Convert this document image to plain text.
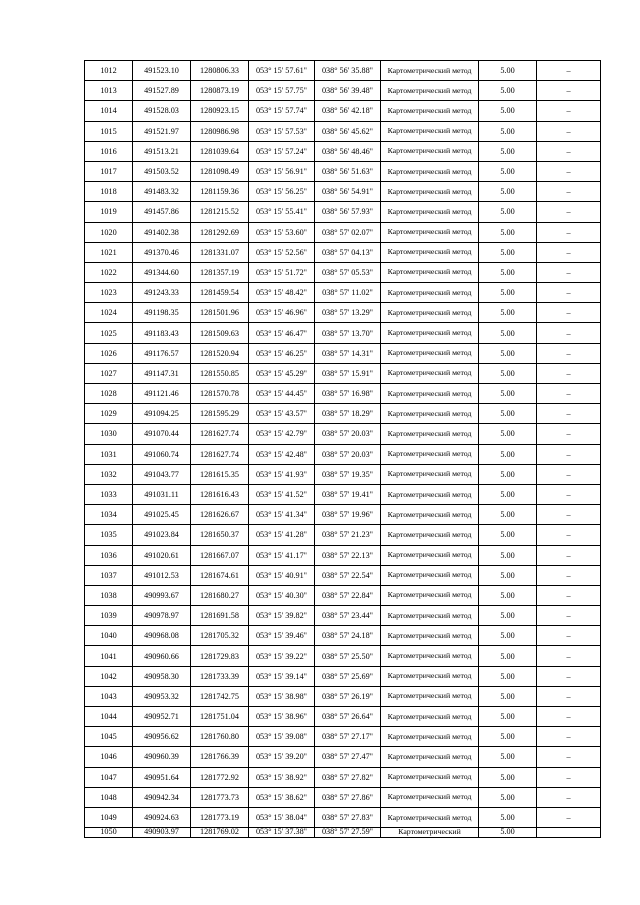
1012	491523.10	1280806.33	053° 15' 57.61"	038° 56' 35.88"	Картометрический метод	5.00	–
1013	491527.89	1280873.19	053° 15' 57.75"	038° 56' 39.48"	Картометрический метод	5.00	–
1014	491528.03	1280923.15	053° 15' 57.74"	038° 56' 42.18"	Картометрический метод	5.00	–
1015	491521.97	1280986.98	053° 15' 57.53"	038° 56' 45.62"	Картометрический метод	5.00	–
1016	491513.21	1281039.64	053° 15' 57.24"	038° 56' 48.46"	Картометрический метод	5.00	–
1017	491503.52	1281098.49	053° 15' 56.91"	038° 56' 51.63"	Картометрический метод	5.00	–
1018	491483.32	1281159.36	053° 15' 56.25"	038° 56' 54.91"	Картометрический метод	5.00	–
1019	491457.86	1281215.52	053° 15' 55.41"	038° 56' 57.93"	Картометрический метод	5.00	–
1020	491402.38	1281292.69	053° 15' 53.60"	038° 57' 02.07"	Картометрический метод	5.00	–
1021	491370.46	1281331.07	053° 15' 52.56"	038° 57' 04.13"	Картометрический метод	5.00	–
1022	491344.60	1281357.19	053° 15' 51.72"	038° 57' 05.53"	Картометрический метод	5.00	–
1023	491243.33	1281459.54	053° 15' 48.42"	038° 57' 11.02"	Картометрический метод	5.00	–
1024	491198.35	1281501.96	053° 15' 46.96"	038° 57' 13.29"	Картометрический метод	5.00	–
1025	491183.43	1281509.63	053° 15' 46.47"	038° 57' 13.70"	Картометрический метод	5.00	–
1026	491176.57	1281520.94	053° 15' 46.25"	038° 57' 14.31"	Картометрический метод	5.00	–
1027	491147.31	1281550.85	053° 15' 45.29"	038° 57' 15.91"	Картометрический метод	5.00	–
1028	491121.46	1281570.78	053° 15' 44.45"	038° 57' 16.98"	Картометрический метод	5.00	–
1029	491094.25	1281595.29	053° 15' 43.57"	038° 57' 18.29"	Картометрический метод	5.00	–
1030	491070.44	1281627.74	053° 15' 42.79"	038° 57' 20.03"	Картометрический метод	5.00	–
1031	491060.74	1281627.74	053° 15' 42.48"	038° 57' 20.03"	Картометрический метод	5.00	–
1032	491043.77	1281615.35	053° 15' 41.93"	038° 57' 19.35"	Картометрический метод	5.00	–
1033	491031.11	1281616.43	053° 15' 41.52"	038° 57' 19.41"	Картометрический метод	5.00	–
1034	491025.45	1281626.67	053° 15' 41.34"	038° 57' 19.96"	Картометрический метод	5.00	–
1035	491023.84	1281650.37	053° 15' 41.28"	038° 57' 21.23"	Картометрический метод	5.00	–
1036	491020.61	1281667.07	053° 15' 41.17"	038° 57' 22.13"	Картометрический метод	5.00	–
1037	491012.53	1281674.61	053° 15' 40.91"	038° 57' 22.54"	Картометрический метод	5.00	–
1038	490993.67	1281680.27	053° 15' 40.30"	038° 57' 22.84"	Картометрический метод	5.00	–
1039	490978.97	1281691.58	053° 15' 39.82"	038° 57' 23.44"	Картометрический метод	5.00	–
1040	490968.08	1281705.32	053° 15' 39.46"	038° 57' 24.18"	Картометрический метод	5.00	–
1041	490960.66	1281729.83	053° 15' 39.22"	038° 57' 25.50"	Картометрический метод	5.00	–
1042	490958.30	1281733.39	053° 15' 39.14"	038° 57' 25.69"	Картометрический метод	5.00	–
1043	490953.32	1281742.75	053° 15' 38.98"	038° 57' 26.19"	Картометрический метод	5.00	–
1044	490952.71	1281751.04	053° 15' 38.96"	038° 57' 26.64"	Картометрический метод	5.00	–
1045	490956.62	1281760.80	053° 15' 39.08"	038° 57' 27.17"	Картометрический метод	5.00	–
1046	490960.39	1281766.39	053° 15' 39.20"	038° 57' 27.47"	Картометрический метод	5.00	–
1047	490951.64	1281772.92	053° 15' 38.92"	038° 57' 27.82"	Картометрический метод	5.00	–
1048	490942.34	1281773.73	053° 15' 38.62"	038° 57' 27.86"	Картометрический метод	5.00	–
1049	490924.63	1281773.19	053° 15' 38.04"	038° 57' 27.83"	Картометрический метод	5.00	–
1050	490903.97	1281769.02	053° 15' 37.38"	038° 57' 27.59"	Картометрический	5.00	
